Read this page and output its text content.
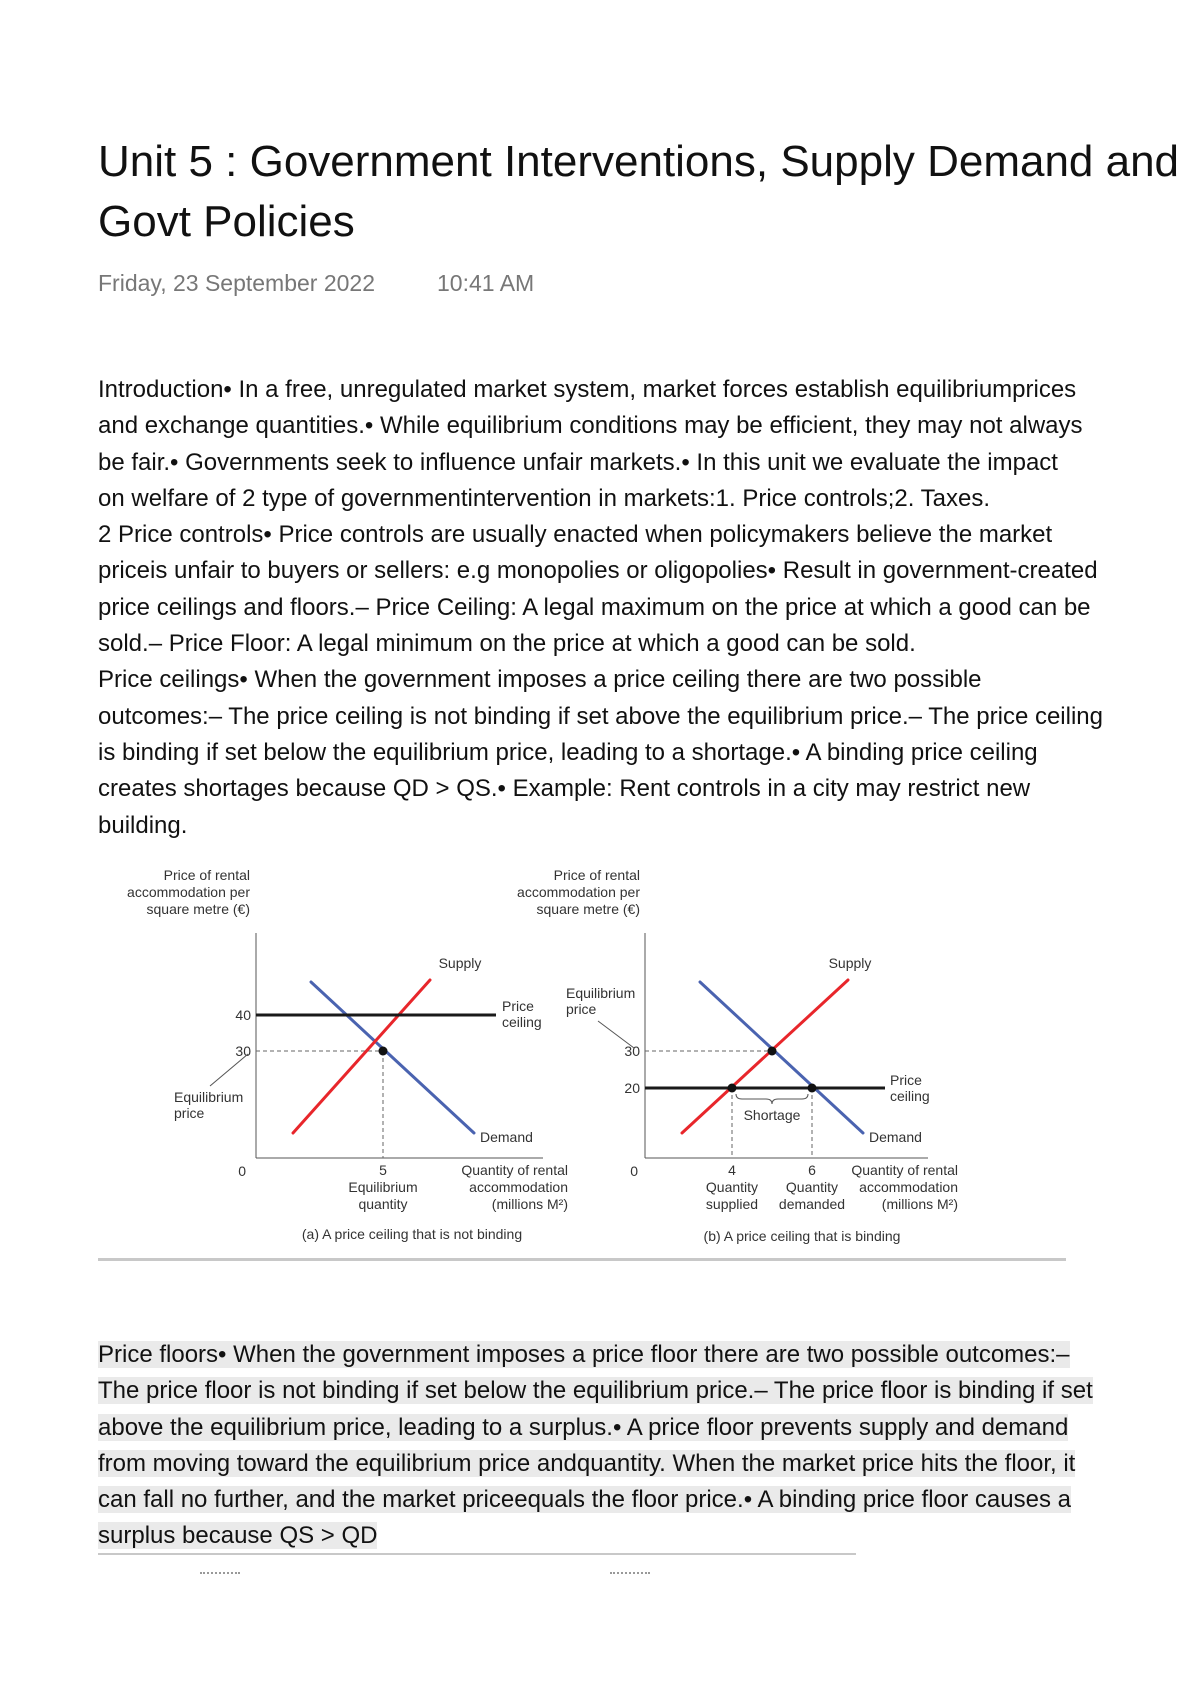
Unit 5 : Government Interventions, Supply Demand and
Govt Policies
Friday, 23 September 2022	10:41 AM
Introduction• In a free, unregulated market system, market forces establish equilibriumprices
and exchange quantities.• While equilibrium conditions may be efficient, they may not always
be fair.• Governments seek to influence unfair markets.• In this unit we evaluate the impact
on welfare of 2 type of governmentintervention in markets:1. Price controls;2. Taxes.
2 Price controls• Price controls are usually enacted when policymakers believe the market
priceis unfair to buyers or sellers: e.g monopolies or oligopolies• Result in government-created
price ceilings and floors.– Price Ceiling: A legal maximum on the price at which a good can be
sold.– Price Floor: A legal minimum on the price at which a good can be sold.
Price ceilings• When the government imposes a price ceiling there are two possible
outcomes:– The price ceiling is not binding if set above the equilibrium price.– The price ceiling
is binding if set below the equilibrium price, leading to a shortage.• A binding price ceiling
creates shortages because QD > QS.• Example: Rent controls in a city may restrict new
building.
Price of rental
accommodation per
square metre (€)
40
30
0	5
Supply
Demand
Price
ceiling
Equilibrium
price
Equilibrium
quantity
Quantity of rental
accommodation
(millions M²)
(a) A price ceiling that is not binding
Price of rental
accommodation per
square metre (€)
Shortage
30
20
0	4	6
Supply
Demand
Price
ceiling
Equilibrium
price
Quantity
supplied
Quantity
demanded
Quantity of rental
accommodation
(millions M²)
(b) A price ceiling that is binding
Price floors• When the government imposes a price floor there are two possible outcomes:–
The price floor is not binding if set below the equilibrium price.– The price floor is binding if set
above the equilibrium price, leading to a surplus.• A price floor prevents supply and demand
from moving toward the equilibrium price andquantity. When the market price hits the floor, it
can fall no further, and the market priceequals the floor price.• A binding price floor causes a
surplus because QS > QD
